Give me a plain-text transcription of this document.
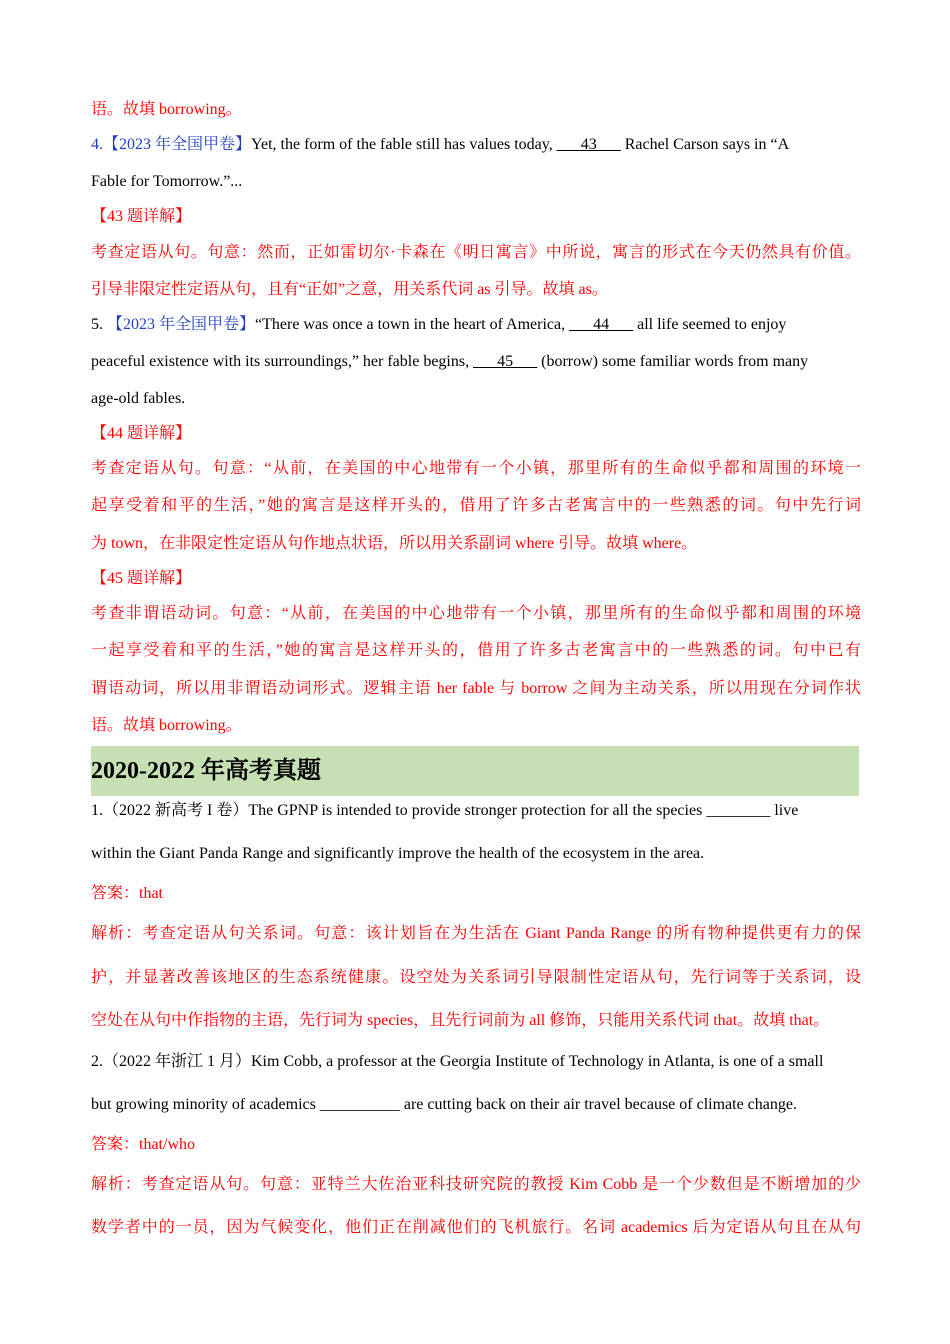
语。故填 borrowing。
4.【2023 年全国甲卷】Yet, the form of the fable still has values today, ___43___ Rachel Carson says in “A
Fable for Tomorrow.”...
【43 题详解】
考查定语从句。句意：然而，正如雷切尔·卡森在《明日寓言》中所说，寓言的形式在今天仍然具有价值。
引导非限定性定语从句，且有“正如”之意，用关系代词 as 引导。故填 as。
5. 【2023 年全国甲卷】“There was once a town in the heart of America, ___44___ all life seemed to enjoy
peaceful existence with its surroundings,” her fable begins, ___45___ (borrow) some familiar words from many
age-old fables.
【44 题详解】
考查定语从句。句意：“从前，在美国的中心地带有一个小镇，那里所有的生命似乎都和周围的环境一
起享受着和平的生活，”她的寓言是这样开头的，借用了许多古老寓言中的一些熟悉的词。句中先行词
为 town，在非限定性定语从句作地点状语，所以用关系副词 where 引导。故填 where。
【45 题详解】
考查非谓语动词。句意：“从前，在美国的中心地带有一个小镇，那里所有的生命似乎都和周围的环境
一起享受着和平的生活，”她的寓言是这样开头的，借用了许多古老寓言中的一些熟悉的词。句中已有
谓语动词，所以用非谓语动词形式。逻辑主语 her fable 与 borrow 之间为主动关系，所以用现在分词作状
语。故填 borrowing。
2020-2022 年高考真题
1.（2022 新高考 I 卷）The GPNP is intended to provide stronger protection for all the species ________ live
within the Giant Panda Range and significantly improve the health of the ecosystem in the area.
答案：that
解析：考查定语从句关系词。句意：该计划旨在为生活在 Giant Panda Range 的所有物种提供更有力的保
护，并显著改善该地区的生态系统健康。设空处为关系词引导限制性定语从句，先行词等于关系词，设
空处在从句中作指物的主语，先行词为 species，且先行词前为 all 修饰，只能用关系代词 that。故填 that。
2.（2022 年浙江 1 月）Kim Cobb, a professor at the Georgia Institute of Technology in Atlanta, is one of a small
but growing minority of academics __________ are cutting back on their air travel because of climate change.
答案：that/who
解析：考查定语从句。句意：亚特兰大佐治亚科技研究院的教授 Kim Cobb 是一个少数但是不断增加的少
数学者中的一员，因为气候变化，他们正在削减他们的飞机旅行。名词 academics 后为定语从句且在从句
